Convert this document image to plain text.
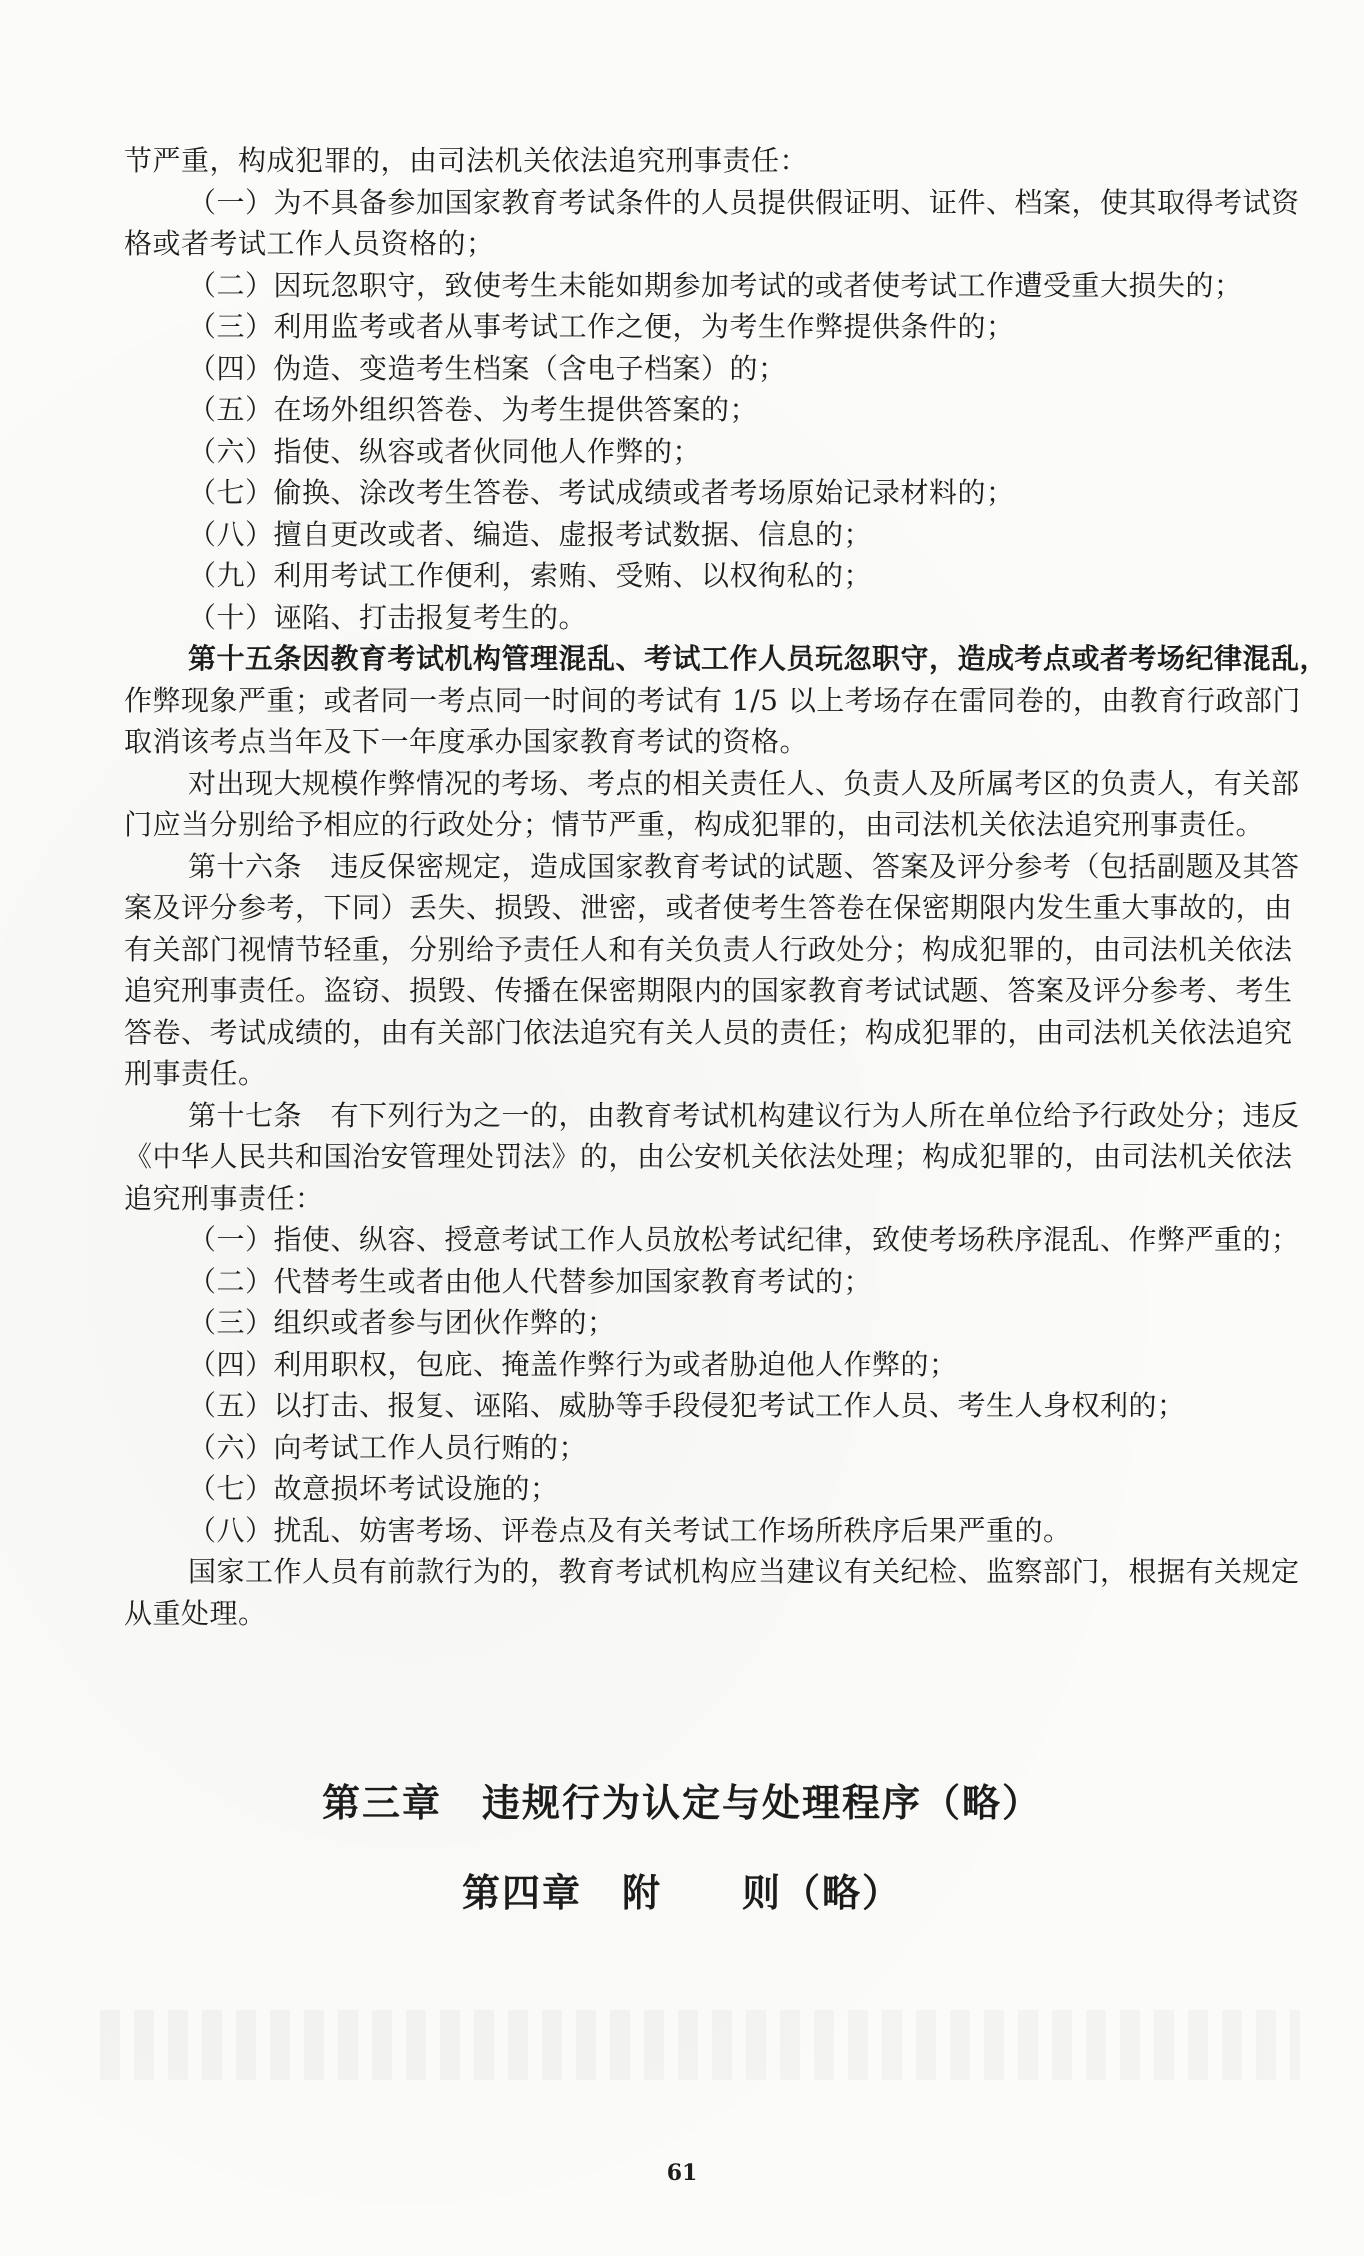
节严重，构成犯罪的，由司法机关依法追究刑事责任：
（一）为不具备参加国家教育考试条件的人员提供假证明、证件、档案，使其取得考试资
格或者考试工作人员资格的；
（二）因玩忽职守，致使考生未能如期参加考试的或者使考试工作遭受重大损失的；
（三）利用监考或者从事考试工作之便，为考生作弊提供条件的；
（四）伪造、变造考生档案（含电子档案）的；
（五）在场外组织答卷、为考生提供答案的；
（六）指使、纵容或者伙同他人作弊的；
（七）偷换、涂改考生答卷、考试成绩或者考场原始记录材料的；
（八）擅自更改或者、编造、虚报考试数据、信息的；
（九）利用考试工作便利，索贿、受贿、以权徇私的；
（十）诬陷、打击报复考生的。
第十五条因教育考试机构管理混乱、考试工作人员玩忽职守，造成考点或者考场纪律混乱，
作弊现象严重；或者同一考点同一时间的考试有 1/5 以上考场存在雷同卷的，由教育行政部门
取消该考点当年及下一年度承办国家教育考试的资格。
对出现大规模作弊情况的考场、考点的相关责任人、负责人及所属考区的负责人，有关部
门应当分别给予相应的行政处分；情节严重，构成犯罪的，由司法机关依法追究刑事责任。
第十六条　违反保密规定，造成国家教育考试的试题、答案及评分参考（包括副题及其答
案及评分参考，下同）丢失、损毁、泄密，或者使考生答卷在保密期限内发生重大事故的，由
有关部门视情节轻重，分别给予责任人和有关负责人行政处分；构成犯罪的，由司法机关依法
追究刑事责任。盗窃、损毁、传播在保密期限内的国家教育考试试题、答案及评分参考、考生
答卷、考试成绩的，由有关部门依法追究有关人员的责任；构成犯罪的，由司法机关依法追究
刑事责任。
第十七条　有下列行为之一的，由教育考试机构建议行为人所在单位给予行政处分；违反
《中华人民共和国治安管理处罚法》的，由公安机关依法处理；构成犯罪的，由司法机关依法
追究刑事责任：
（一）指使、纵容、授意考试工作人员放松考试纪律，致使考场秩序混乱、作弊严重的；
（二）代替考生或者由他人代替参加国家教育考试的；
（三）组织或者参与团伙作弊的；
（四）利用职权，包庇、掩盖作弊行为或者胁迫他人作弊的；
（五）以打击、报复、诬陷、威胁等手段侵犯考试工作人员、考生人身权利的；
（六）向考试工作人员行贿的；
（七）故意损坏考试设施的；
（八）扰乱、妨害考场、评卷点及有关考试工作场所秩序后果严重的。
国家工作人员有前款行为的，教育考试机构应当建议有关纪检、监察部门，根据有关规定
从重处理。
第三章　违规行为认定与处理程序（略）
第四章　附　　则（略）
61
